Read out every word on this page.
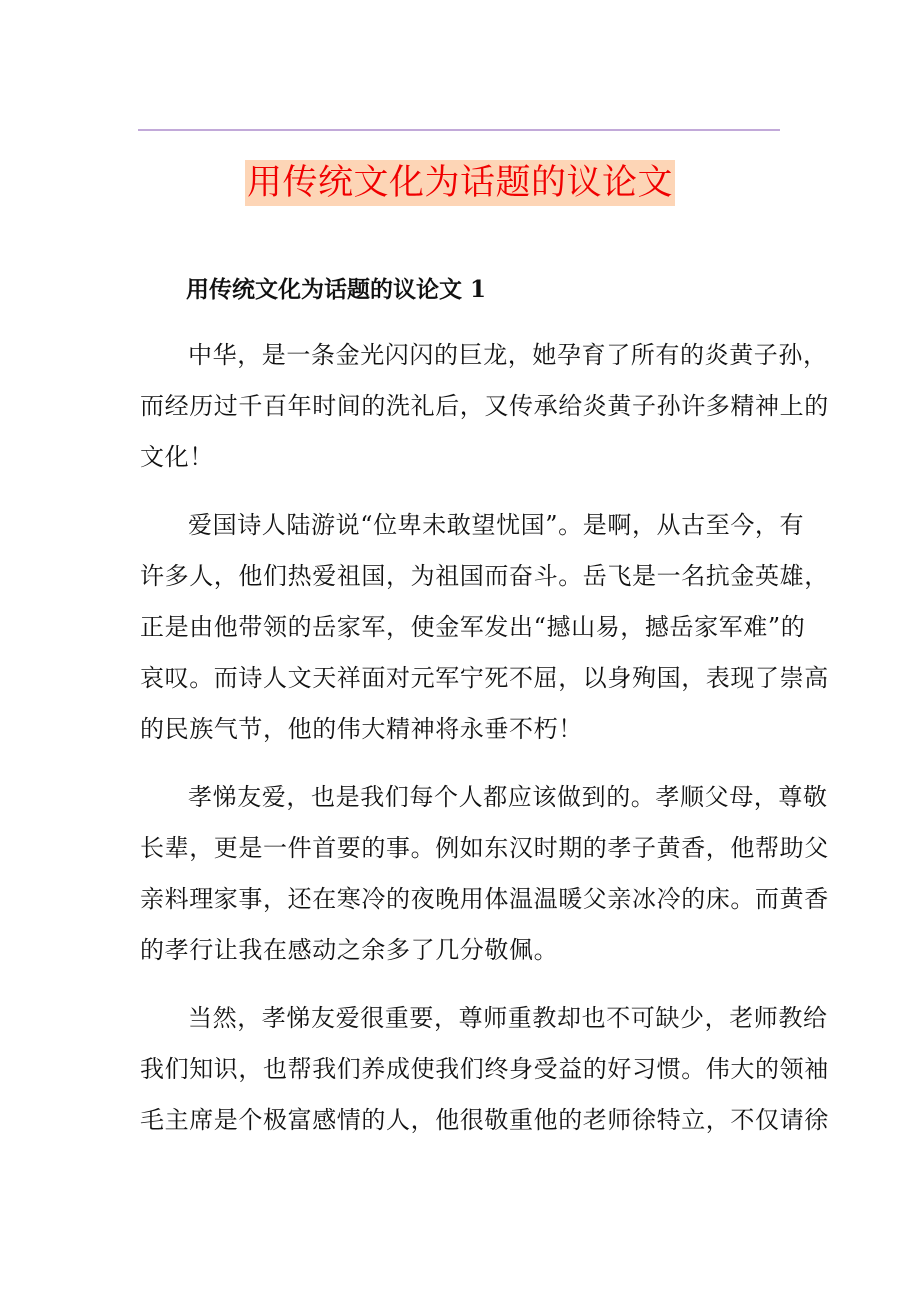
用传统文化为话题的议论文
用传统文化为话题的议论文 1
中华，是一条金光闪闪的巨龙，她孕育了所有的炎黄子孙，
而经历过千百年时间的洗礼后，又传承给炎黄子孙许多精神上的
文化！
爱国诗人陆游说“位卑未敢望忧国”。是啊，从古至今，有
许多人，他们热爱祖国，为祖国而奋斗。岳飞是一名抗金英雄，
正是由他带领的岳家军，使金军发出“撼山易，撼岳家军难”的
哀叹。而诗人文天祥面对元军宁死不屈，以身殉国，表现了崇高
的民族气节，他的伟大精神将永垂不朽！
孝悌友爱，也是我们每个人都应该做到的。孝顺父母，尊敬
长辈，更是一件首要的事。例如东汉时期的孝子黄香，他帮助父
亲料理家事，还在寒冷的夜晚用体温温暖父亲冰冷的床。而黄香
的孝行让我在感动之余多了几分敬佩。
当然，孝悌友爱很重要，尊师重教却也不可缺少，老师教给
我们知识，也帮我们养成使我们终身受益的好习惯。伟大的领袖
毛主席是个极富感情的人，他很敬重他的老师徐特立，不仅请徐
